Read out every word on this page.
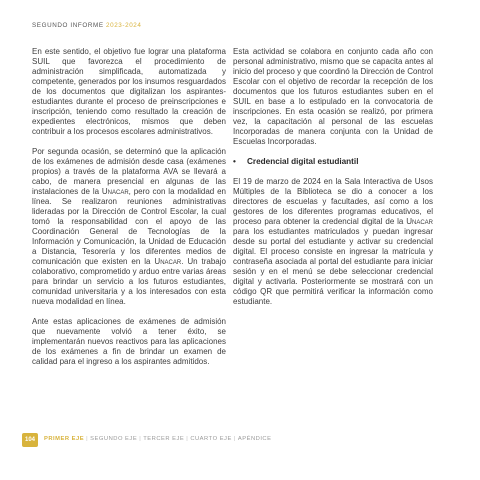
SEGUNDO INFORME 2023-2024

En este sentido, el objetivo fue lograr una plataforma SUIL que favorezca el procedimiento de administración simplificada, automatizada y competente, generados por los insumos resguardados de los documentos que digitalizan los aspirantes-estudiantes durante el proceso de preinscripciones e inscripción, teniendo como resultado la creación de expedientes electrónicos, mismos que deben contribuir a los procesos escolares administrativos.

Por segunda ocasión, se determinó que la aplicación de los exámenes de admisión desde casa (exámenes propios) a través de la plataforma AVA se llevará a cabo, de manera presencial en algunas de las instalaciones de la Unacar, pero con la modalidad en línea. Se realizaron reuniones administrativas lideradas por la Dirección de Control Escolar, la cual tomó la responsabilidad con el apoyo de las Coordinación General de Tecnologías de la Información y Comunicación, la Unidad de Educación a Distancia, Tesorería y los diferentes medios de comunicación que existen en la Unacar. Un trabajo colaborativo, comprometido y arduo entre varias áreas para brindar un servicio a los futuros estudiantes, comunidad universitaria y a los interesados con esta nueva modalidad en línea.

Ante estas aplicaciones de exámenes de admisión que nuevamente volvió a tener éxito, se implementarán nuevos reactivos para las aplicaciones de los exámenes a fin de brindar un examen de calidad para el ingreso a los aspirantes admitidos.

Esta actividad se colabora en conjunto cada año con personal administrativo, mismo que se capacita antes al inicio del proceso y que coordinó la Dirección de Control Escolar con el objetivo de recordar la recepción de los documentos que los futuros estudiantes suben en el SUIL en base a lo estipulado en la convocatoria de inscripciones. En esta ocasión se realizó, por primera vez, la capacitación al personal de las escuelas Incorporadas de manera conjunta con la Unidad de Escuelas Incorporadas.

• Credencial digital estudiantil

El 19 de marzo de 2024 en la Sala Interactiva de Usos Múltiples de la Biblioteca se dio a conocer a los directores de escuelas y facultades, así como a los gestores de los diferentes programas educativos, el proceso para obtener la credencial digital de la Unacar para los estudiantes matriculados y puedan ingresar desde su portal del estudiante y activar su credencial digital. El proceso consiste en ingresar la matrícula y contraseña asociada al portal del estudiante para iniciar sesión y en el menú se debe seleccionar credencial digital y activarla. Posteriormente se mostrará con un código QR que permitirá verificar la información como estudiante.

104	PRIMER EJE | SEGUNDO EJE | TERCER EJE | CUARTO EJE | APÉNDICE
